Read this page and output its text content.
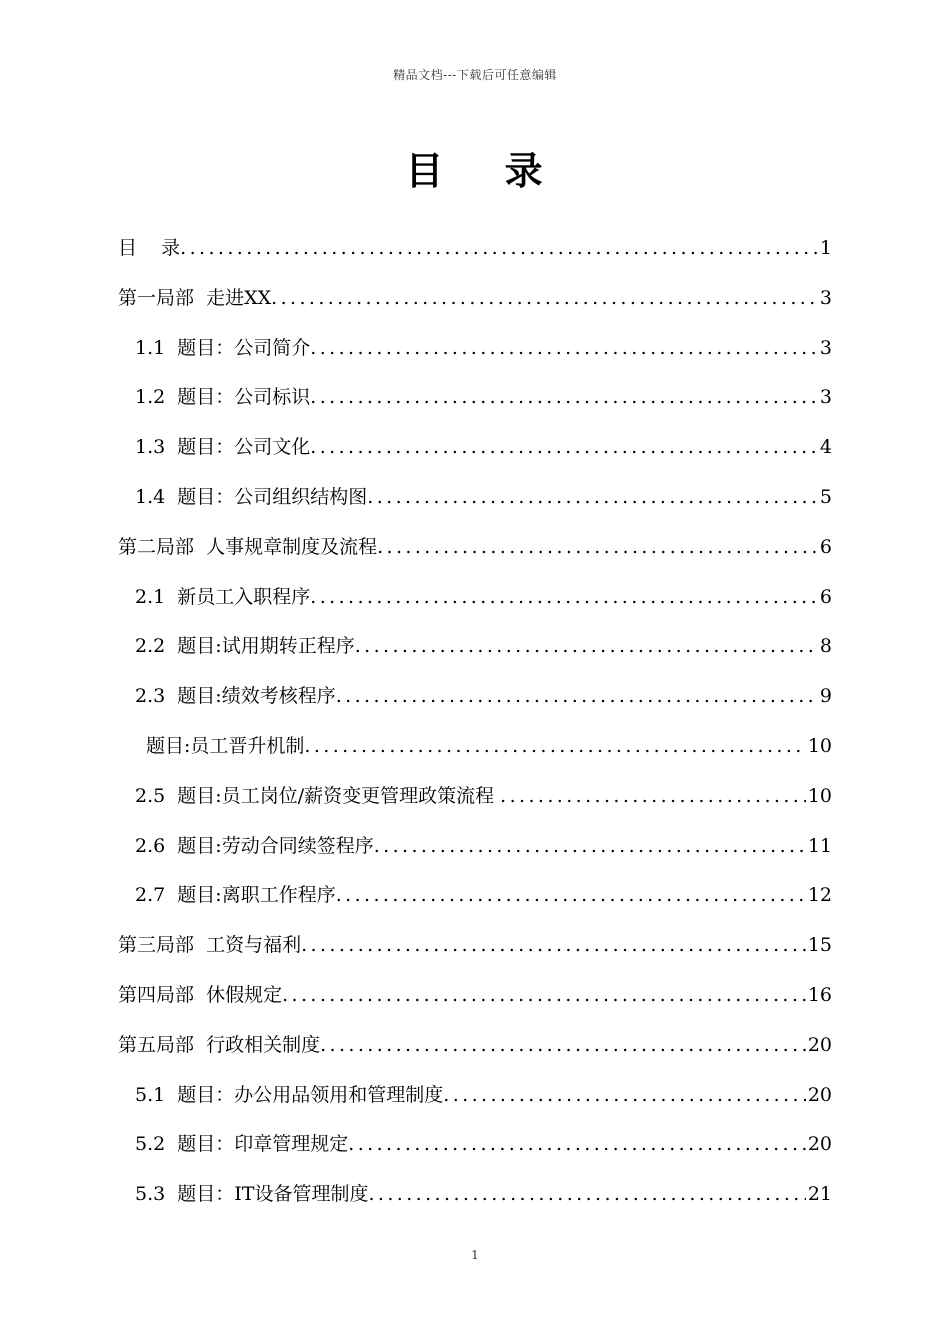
精品文档---下载后可任意编辑
目 录
目    录 .....	1
第一局部  走进XX .....	3
1.1  题目：公司简介 .....	3
1.2  题目：公司标识 .....	3
1.3  题目：公司文化 .....	4
1.4  题目：公司组织结构图 .....	5
第二局部  人事规章制度及流程 .....	6
2.1  新员工入职程序 .....	6
2.2  题目:试用期转正程序 .....	8
2.3  题目:绩效考核程序 .....	9
题目:员工晋升机制 .....	10
2.5  题目:员工岗位/薪资变更管理政策流程 .....	10
2.6  题目:劳动合同续签程序 .....	11
2.7  题目:离职工作程序 .....	12
第三局部  工资与福利 .....	15
第四局部  休假规定 .....	16
第五局部  行政相关制度 .....	20
5.1  题目：办公用品领用和管理制度 .....	20
5.2  题目：印章管理规定 .....	20
5.3  题目：IT设备管理制度 .....	21
1
